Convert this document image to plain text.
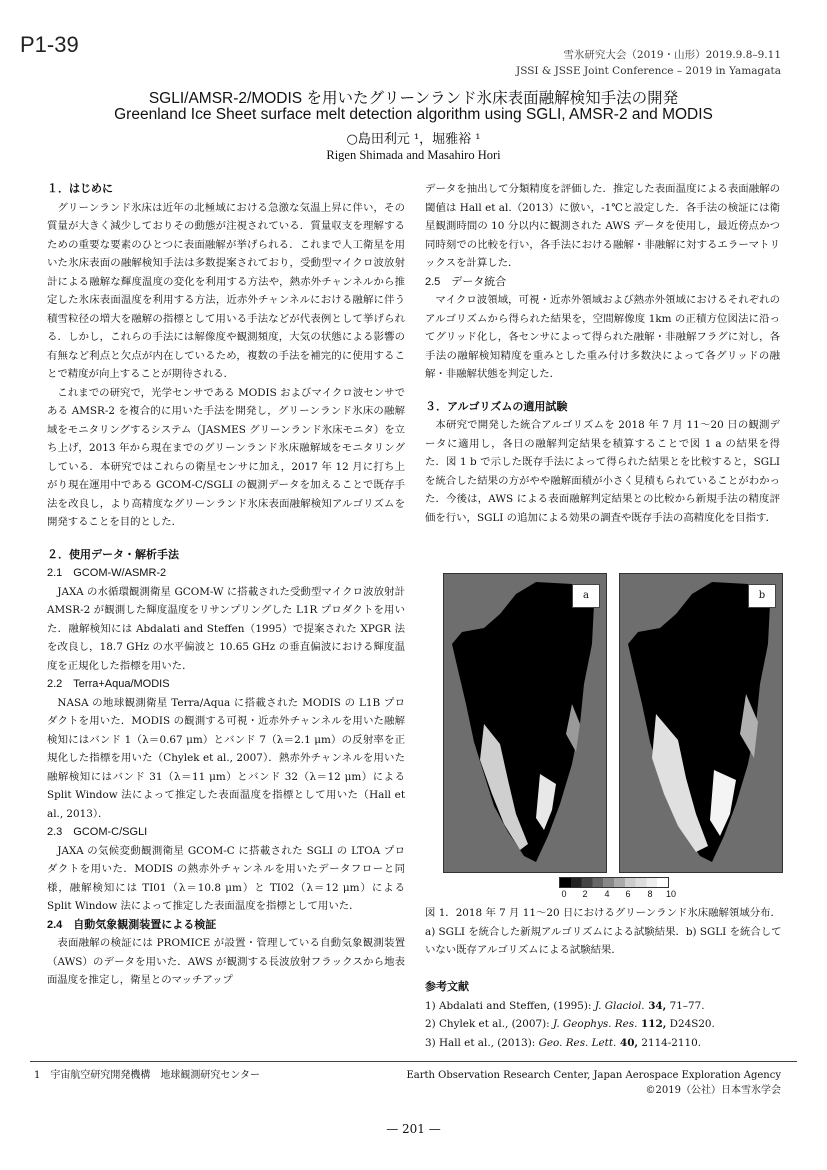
P1-39	雪氷研究大会（2019・山形）2019.9.8–9.11
JSSI & JSSE Joint Conference – 2019 in Yamagata
SGLI/AMSR-2/MODIS を用いたグリーンランド氷床表面融解検知手法の開発
Greenland Ice Sheet surface melt detection algorithm using SGLI, AMSR-2 and MODIS
○島田利元 ¹，堀雅裕 ¹
Rigen Shimada and Masahiro Hori

１．はじめに

グリーンランド氷床は近年の北極域における急激な気温上昇に伴い，その質量が大きく減少しておりその動態が注視されている．質量収支を理解するための重要な要素のひとつに表面融解が挙げられる．これまで人工衛星を用いた氷床表面の融解検知手法は多数提案されており，受動型マイクロ波放射計による融解な輝度温度の変化を利用する方法や，熱赤外チャンネルから推定した氷床表面温度を利用する方法，近赤外チャンネルにおける融解に伴う積雪粒径の増大を融解の指標として用いる手法などが代表例として挙げられる．しかし，これらの手法には解像度や観測頻度，大気の状態による影響の有無など利点と欠点が内在しているため，複数の手法を補完的に使用することで精度が向上することが期待される．

これまでの研究で，光学センサである MODIS およびマイクロ波センサである AMSR-2 を複合的に用いた手法を開発し，グリーンランド氷床の融解域をモニタリングするシステム（JASMES グリーンランド氷床モニタ）を立ち上げ，2013 年から現在までのグリーンランド氷床融解域をモニタリングしている．本研究ではこれらの衛星センサに加え，2017 年 12 月に打ち上がり現在運用中である GCOM-C/SGLI の観測データを加えることで既存手法を改良し，より高精度なグリーンランド氷床表面融解検知アルゴリズムを開発することを目的とした．

２．使用データ・解析手法

2.1　GCOM-W/ASMR-2

JAXA の水循環観測衛星 GCOM-W に搭載された受動型マイクロ波放射計 AMSR-2 が観測した輝度温度をリサンプリングした L1R プロダクトを用いた．融解検知には Abdalati and Steffen（1995）で提案された XPGR 法を改良し，18.7 GHz の水平偏波と 10.65 GHz の垂直偏波における輝度温度を正規化した指標を用いた．

2.2　Terra+Aqua/MODIS

NASA の地球観測衛星 Terra/Aqua に搭載された MODIS の L1B プロダクトを用いた．MODIS の観測する可視・近赤外チャンネルを用いた融解検知にはバンド 1（λ＝0.67 μm）とバンド 7（λ＝2.1 μm）の反射率を正規化した指標を用いた（Chylek et al., 2007）．熱赤外チャンネルを用いた融解検知にはバンド 31（λ＝11 μm）とバンド 32（λ＝12 μm）による Split Window 法によって推定した表面温度を指標として用いた（Hall et al., 2013）．

2.3　GCOM-C/SGLI

JAXA の気候変動観測衛星 GCOM-C に搭載された SGLI の LTOA プロダクトを用いた．MODIS の熱赤外チャンネルを用いたデータフローと同様，融解検知には TI01（λ＝10.8 μm）と TI02（λ＝12 μm）による Split Window 法によって推定した表面温度を指標として用いた．

2.4　自動気象観測装置による検証

表面融解の検証には PROMICE が設置・管理している自動気象観測装置（AWS）のデータを用いた．AWS が観測する長波放射フラックスから地表面温度を推定し，衛星とのマッチアップ

データを抽出して分類精度を評価した．推定した表面温度による表面融解の閾値は Hall et al.（2013）に倣い，-1℃と設定した．各手法の検証には衛星観測時間の 10 分以内に観測された AWS データを使用し，最近傍点かつ同時刻での比較を行い，各手法における融解・非融解に対するエラーマトリックスを計算した．

2.5　データ統合

マイクロ波領域，可視・近赤外領域および熱赤外領域におけるそれぞれのアルゴリズムから得られた結果を，空間解像度 1km の正積方位図法に沿ってグリッド化し，各センサによって得られた融解・非融解フラグに対し，各手法の融解検知精度を重みとした重み付け多数決によって各グリッドの融解・非融解状態を判定した．

３．アルゴリズムの適用試験

本研究で開発した統合アルゴリズムを 2018 年 7 月 11〜20 日の観測データに適用し，各日の融解判定結果を積算することで図 1 a の結果を得た．図 1 b で示した既存手法によって得られた結果とを比較すると，SGLI を統合した結果の方がやや融解面積が小さく見積もられていることがわかった．今後は，AWS による表面融解判定結果との比較から新規手法の精度評価を行い，SGLI の追加による効果の調査や既存手法の高精度化を目指す．

a	b
0	2	4	6	8	10
図 1．2018 年 7 月 11〜20 日におけるグリーンランド氷床融解領域分布．a) SGLI を統合した新規アルゴリズムによる試験結果．b) SGLI を統合していない既存アルゴリズムによる試験結果．
参考文献
1) Abdalati and Steffen, (1995): J. Glaciol. 34, 71–77.
2) Chylek et al., (2007): J. Geophys. Res. 112, D24S20.
3) Hall et al., (2013): Geo. Res. Lett. 40, 2114-2110.
1　宇宙航空研究開発機構　地球観測研究センター	Earth Observation Research Center, Japan Aerospace Exploration Agency
©2019（公社）日本雪氷学会
— 201 —
